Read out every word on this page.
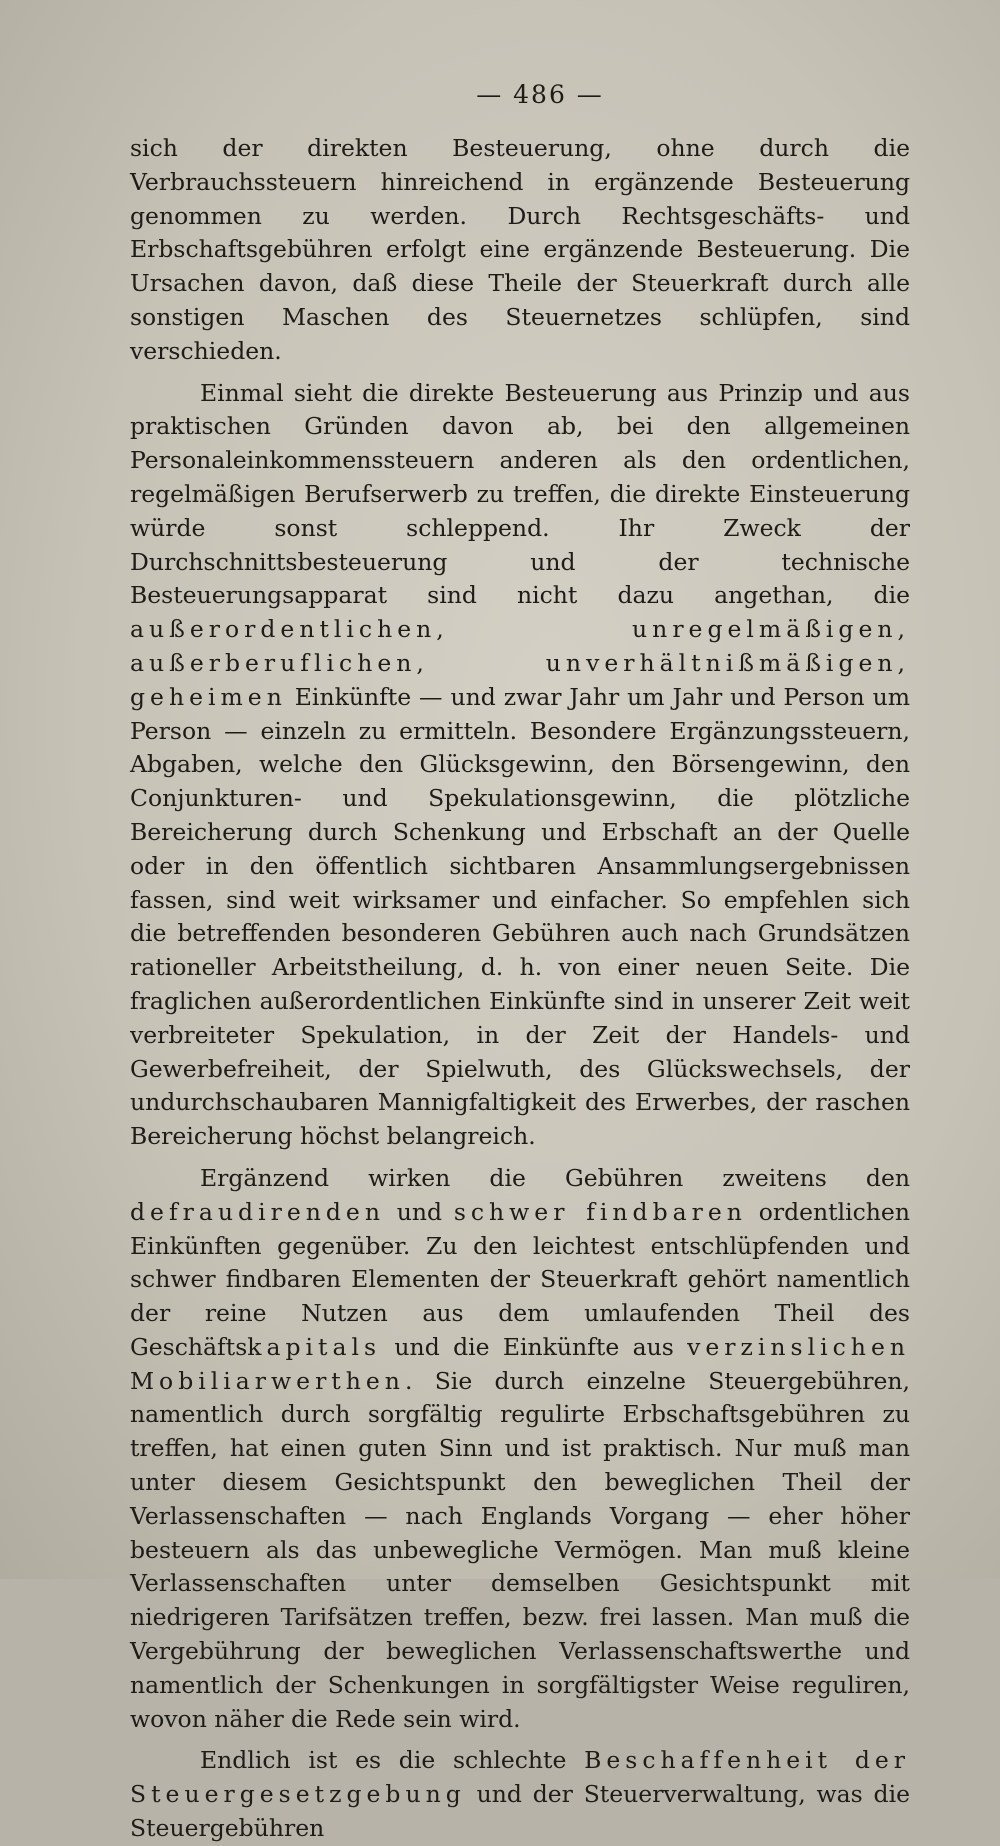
— 486 —

sich der direkten Besteuerung, ohne durch die Verbrauchssteuern hinreichend in ergänzende Besteuerung genommen zu werden. Durch Rechtsgeschäfts- und Erbschaftsgebühren erfolgt eine ergänzende Besteuerung. Die Ursachen davon, daß diese Theile der Steuerkraft durch alle sonstigen Maschen des Steuernetzes schlüpfen, sind verschieden.

Einmal sieht die direkte Besteuerung aus Prinzip und aus praktischen Gründen davon ab, bei den allgemeinen Personaleinkommenssteuern anderen als den ordentlichen, regelmäßigen Berufserwerb zu treffen, die direkte Einsteuerung würde sonst schleppend. Ihr Zweck der Durchschnittsbesteuerung und der technische Besteuerungsapparat sind nicht dazu angethan, die außerordentlichen, unregelmäßigen, außerberuflichen, unverhältnißmäßigen, geheimen Einkünfte — und zwar Jahr um Jahr und Person um Person — einzeln zu ermitteln. Besondere Ergänzungssteuern, Abgaben, welche den Glücksgewinn, den Börsengewinn, den Conjunkturen- und Spekulationsgewinn, die plötzliche Bereicherung durch Schenkung und Erbschaft an der Quelle oder in den öffentlich sichtbaren Ansammlungsergebnissen fassen, sind weit wirksamer und einfacher. So empfehlen sich die betreffenden besonderen Gebühren auch nach Grundsätzen rationeller Arbeitstheilung, d. h. von einer neuen Seite. Die fraglichen außerordentlichen Einkünfte sind in unserer Zeit weit verbreiteter Spekulation, in der Zeit der Handels- und Gewerbefreiheit, der Spielwuth, des Glückswechsels, der undurchschaubaren Mannigfaltigkeit des Erwerbes, der raschen Bereicherung höchst belangreich.

Ergänzend wirken die Gebühren zweitens den defraudirenden und schwer findbaren ordentlichen Einkünften gegenüber. Zu den leichtest entschlüpfenden und schwer findbaren Elementen der Steuerkraft gehört namentlich der reine Nutzen aus dem umlaufenden Theil des Geschäftskapitals und die Einkünfte aus verzinslichen Mobiliarwerthen. Sie durch einzelne Steuergebühren, namentlich durch sorgfältig regulirte Erbschaftsgebühren zu treffen, hat einen guten Sinn und ist praktisch. Nur muß man unter diesem Gesichtspunkt den beweglichen Theil der Verlassenschaften — nach Englands Vorgang — eher höher besteuern als das unbewegliche Vermögen. Man muß kleine Verlassenschaften unter demselben Gesichtspunkt mit niedrigeren Tarifsätzen treffen, bezw. frei lassen. Man muß die Vergebührung der beweglichen Verlassenschaftswerthe und namentlich der Schenkungen in sorgfältigster Weise reguliren, wovon näher die Rede sein wird.

Endlich ist es die schlechte Beschaffenheit der Steuergesetzgebung und der Steuerverwaltung, was die Steuergebühren
